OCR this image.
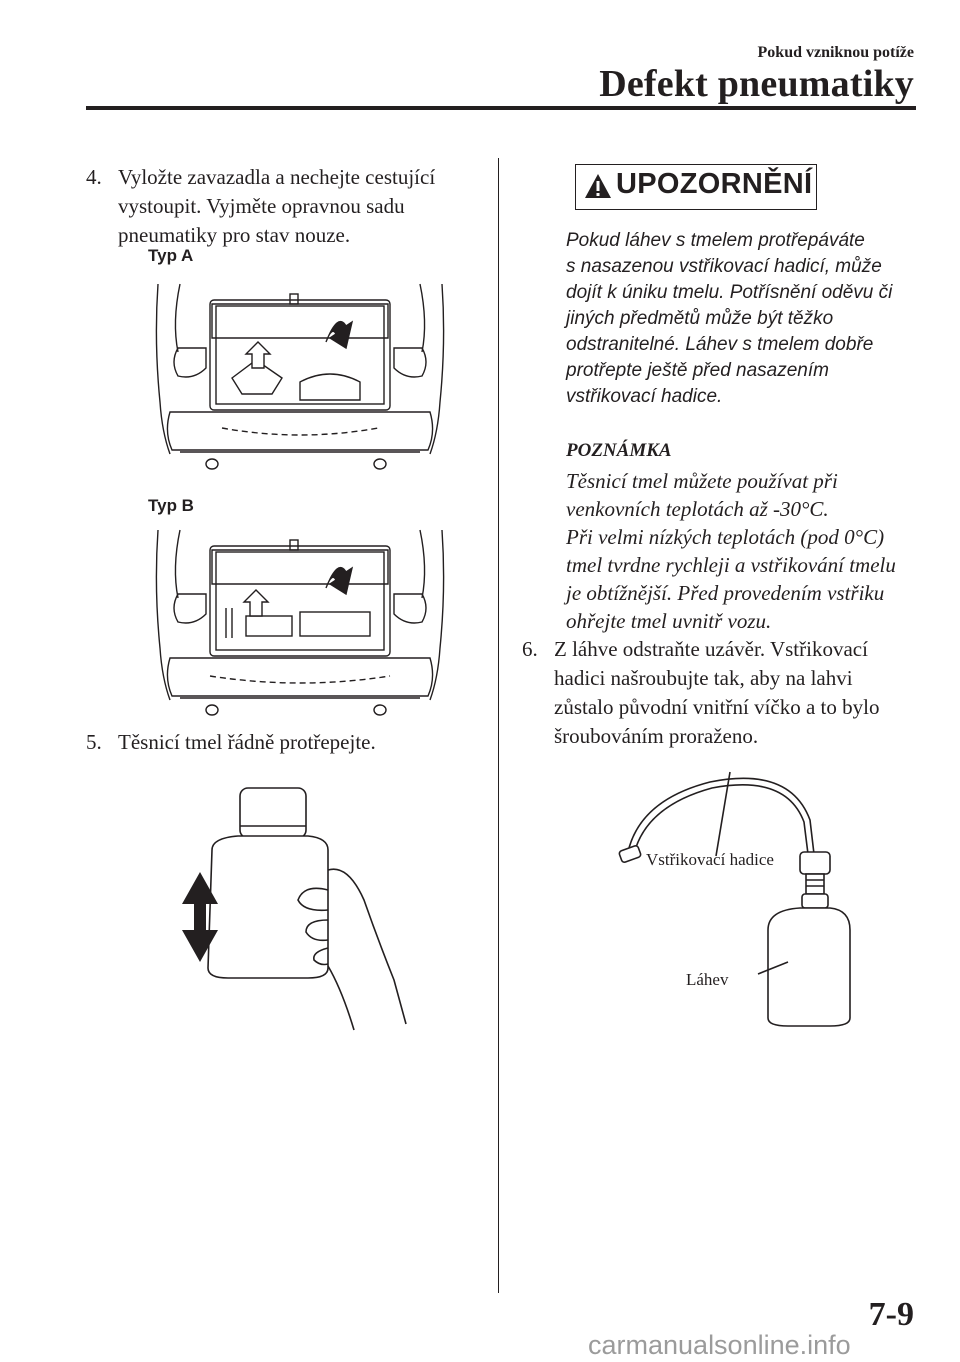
Pokud vzniknou potíže
Defekt pneumatiky
4. Vyložte zavazadla a nechejte cestující
vystoupit. Vyjměte opravnou sadu
pneumatiky pro stav nouze.
Typ A
Typ B
5. Těsnicí tmel řádně protřepejte.
UPOZORNĚNÍ
Pokud láhev s tmelem protřepáváte
s nasazenou vstřikovací hadicí, může
dojít k úniku tmelu. Potřísnění oděvu či
jiných předmětů může být těžko
odstranitelné. Láhev s tmelem dobře
protřepte ještě před nasazením
vstřikovací hadice.
POZNÁMKA
Těsnicí tmel můžete používat při
venkovních teplotách až -30°C.
Při velmi nízkých teplotách (pod 0°C)
tmel tvrdne rychleji a vstřikování tmelu
je obtížnější. Před provedením vstřiku
ohřejte tmel uvnitř vozu.
6. Z láhve odstraňte uzávěr. Vstřikovací
hadici našroubujte tak, aby na lahvi
zůstalo původní vnitřní víčko a to bylo
šroubováním proraženo.
Vstřikovací hadice
Láhev
7-9
carmanualsonline.info
